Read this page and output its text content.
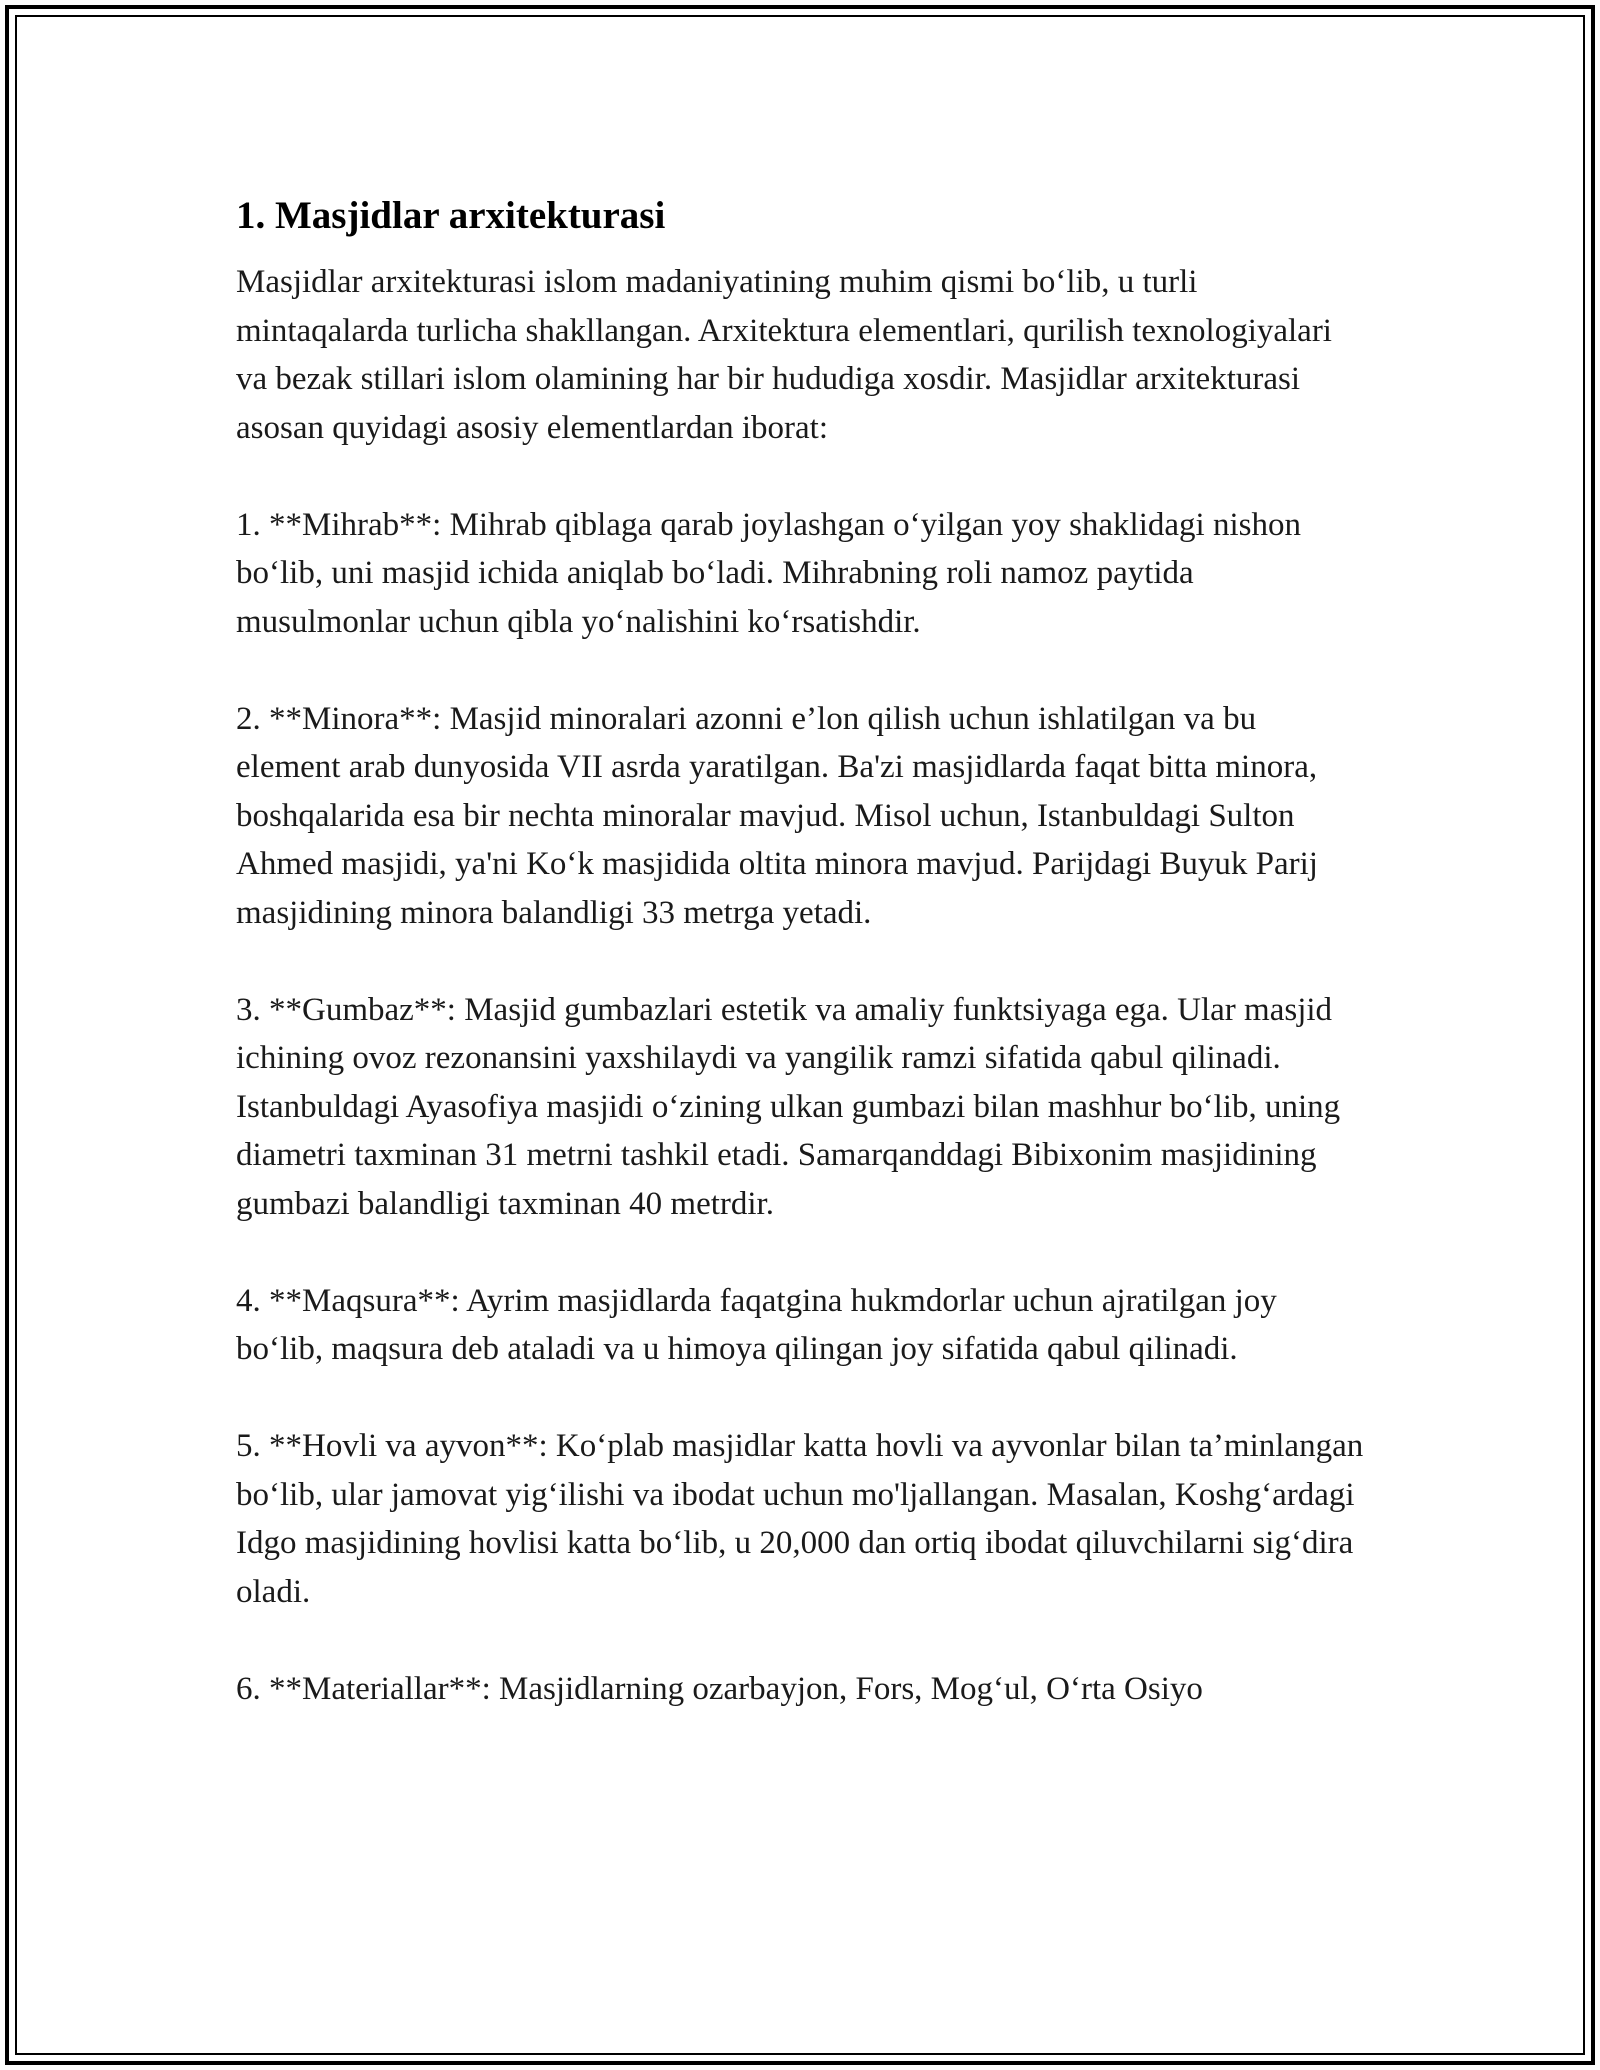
1. Masjidlar arxitekturasi

Masjidlar arxitekturasi islom madaniyatining muhim qismi bo‘lib, u turli mintaqalarda turlicha shakllangan. Arxitektura elementlari, qurilish texnologiyalari va bezak stillari islom olamining har bir hududiga xosdir. Masjidlar arxitekturasi asosan quyidagi asosiy elementlardan iborat:

1. **Mihrab**: Mihrab qiblaga qarab joylashgan o‘yilgan yoy shaklidagi nishon bo‘lib, uni masjid ichida aniqlab bo‘ladi. Mihrabning roli namoz paytida musulmonlar uchun qibla yo‘nalishini ko‘rsatishdir.

2. **Minora**: Masjid minoralari azonni e’lon qilish uchun ishlatilgan va bu element arab dunyosida VII asrda yaratilgan. Ba'zi masjidlarda faqat bitta minora, boshqalarida esa bir nechta minoralar mavjud. Misol uchun, Istanbuldagi Sulton Ahmed masjidi, ya'ni Ko‘k masjidida oltita minora mavjud. Parijdagi Buyuk Parij masjidining minora balandligi 33 metrga yetadi.

3. **Gumbaz**: Masjid gumbazlari estetik va amaliy funktsiyaga ega. Ular masjid ichining ovoz rezonansini yaxshilaydi va yangilik ramzi sifatida qabul qilinadi. Istanbuldagi Ayasofiya masjidi o‘zining ulkan gumbazi bilan mashhur bo‘lib, uning diametri taxminan 31 metrni tashkil etadi. Samarqanddagi Bibixonim masjidining gumbazi balandligi taxminan 40 metrdir.

4. **Maqsura**: Ayrim masjidlarda faqatgina hukmdorlar uchun ajratilgan joy bo‘lib, maqsura deb ataladi va u himoya qilingan joy sifatida qabul qilinadi.

5. **Hovli va ayvon**: Ko‘plab masjidlar katta hovli va ayvonlar bilan ta’minlangan bo‘lib, ular jamovat yig‘ilishi va ibodat uchun mo'ljallangan. Masalan, Koshg‘ardagi Idgo masjidining hovlisi katta bo‘lib, u 20,000 dan ortiq ibodat qiluvchilarni sig‘dira oladi.

6. **Materiallar**: Masjidlarning ozarbayjon, Fors, Mog‘ul, O‘rta Osiyo
